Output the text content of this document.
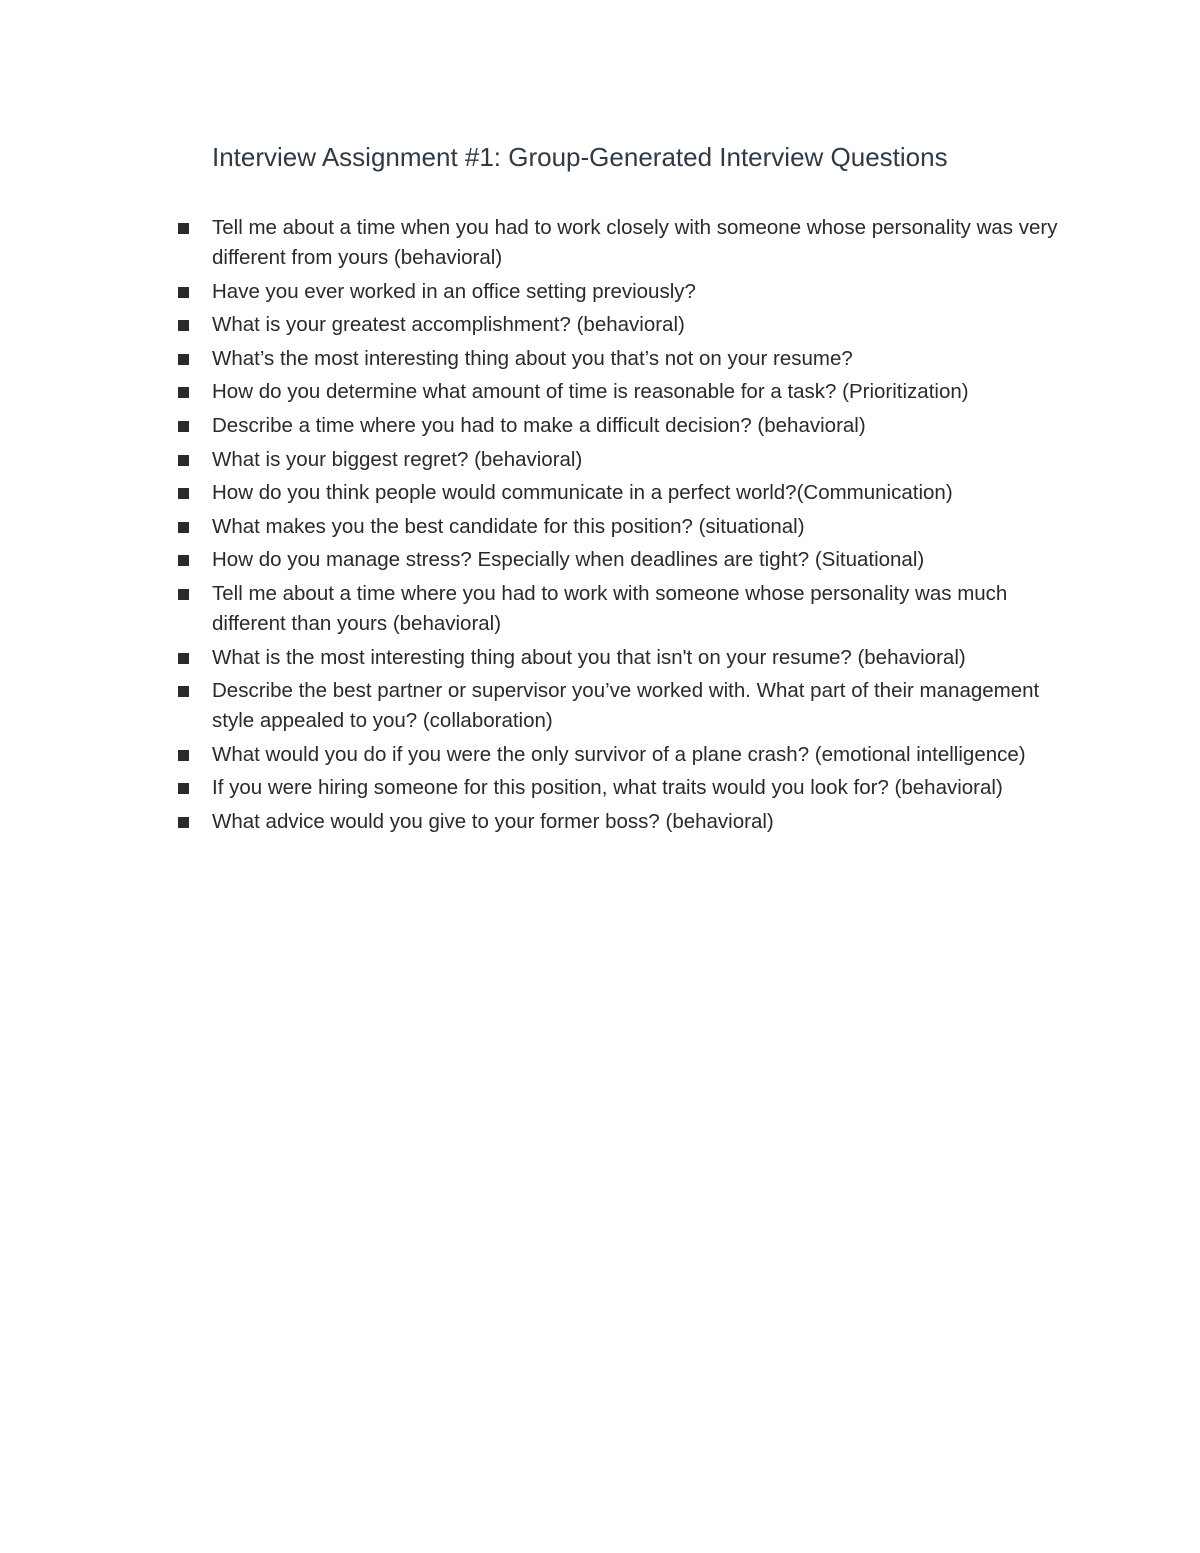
Interview Assignment #1: Group-Generated Interview Questions
Tell me about a time when you had to work closely with someone whose personality was very different from yours (behavioral)
Have you ever worked in an office setting previously?
What is your greatest accomplishment? (behavioral)
What’s the most interesting thing about you that’s not on your resume?
How do you determine what amount of time is reasonable for a task? (Prioritization)
Describe a time where you had to make a difficult decision? (behavioral)
What is your biggest regret? (behavioral)
How do you think people would communicate in a perfect world?(Communication)
What makes you the best candidate for this position? (situational)
How do you manage stress? Especially when deadlines are tight? (Situational)
Tell me about a time where you had to work with someone whose personality was much different than yours (behavioral)
What is the most interesting thing about you that isn't on your resume? (behavioral)
Describe the best partner or supervisor you’ve worked with. What part of their management style appealed to you? (collaboration)
What would you do if you were the only survivor of a plane crash? (emotional intelligence)
If you were hiring someone for this position, what traits would you look for? (behavioral)
What advice would you give to your former boss? (behavioral)
